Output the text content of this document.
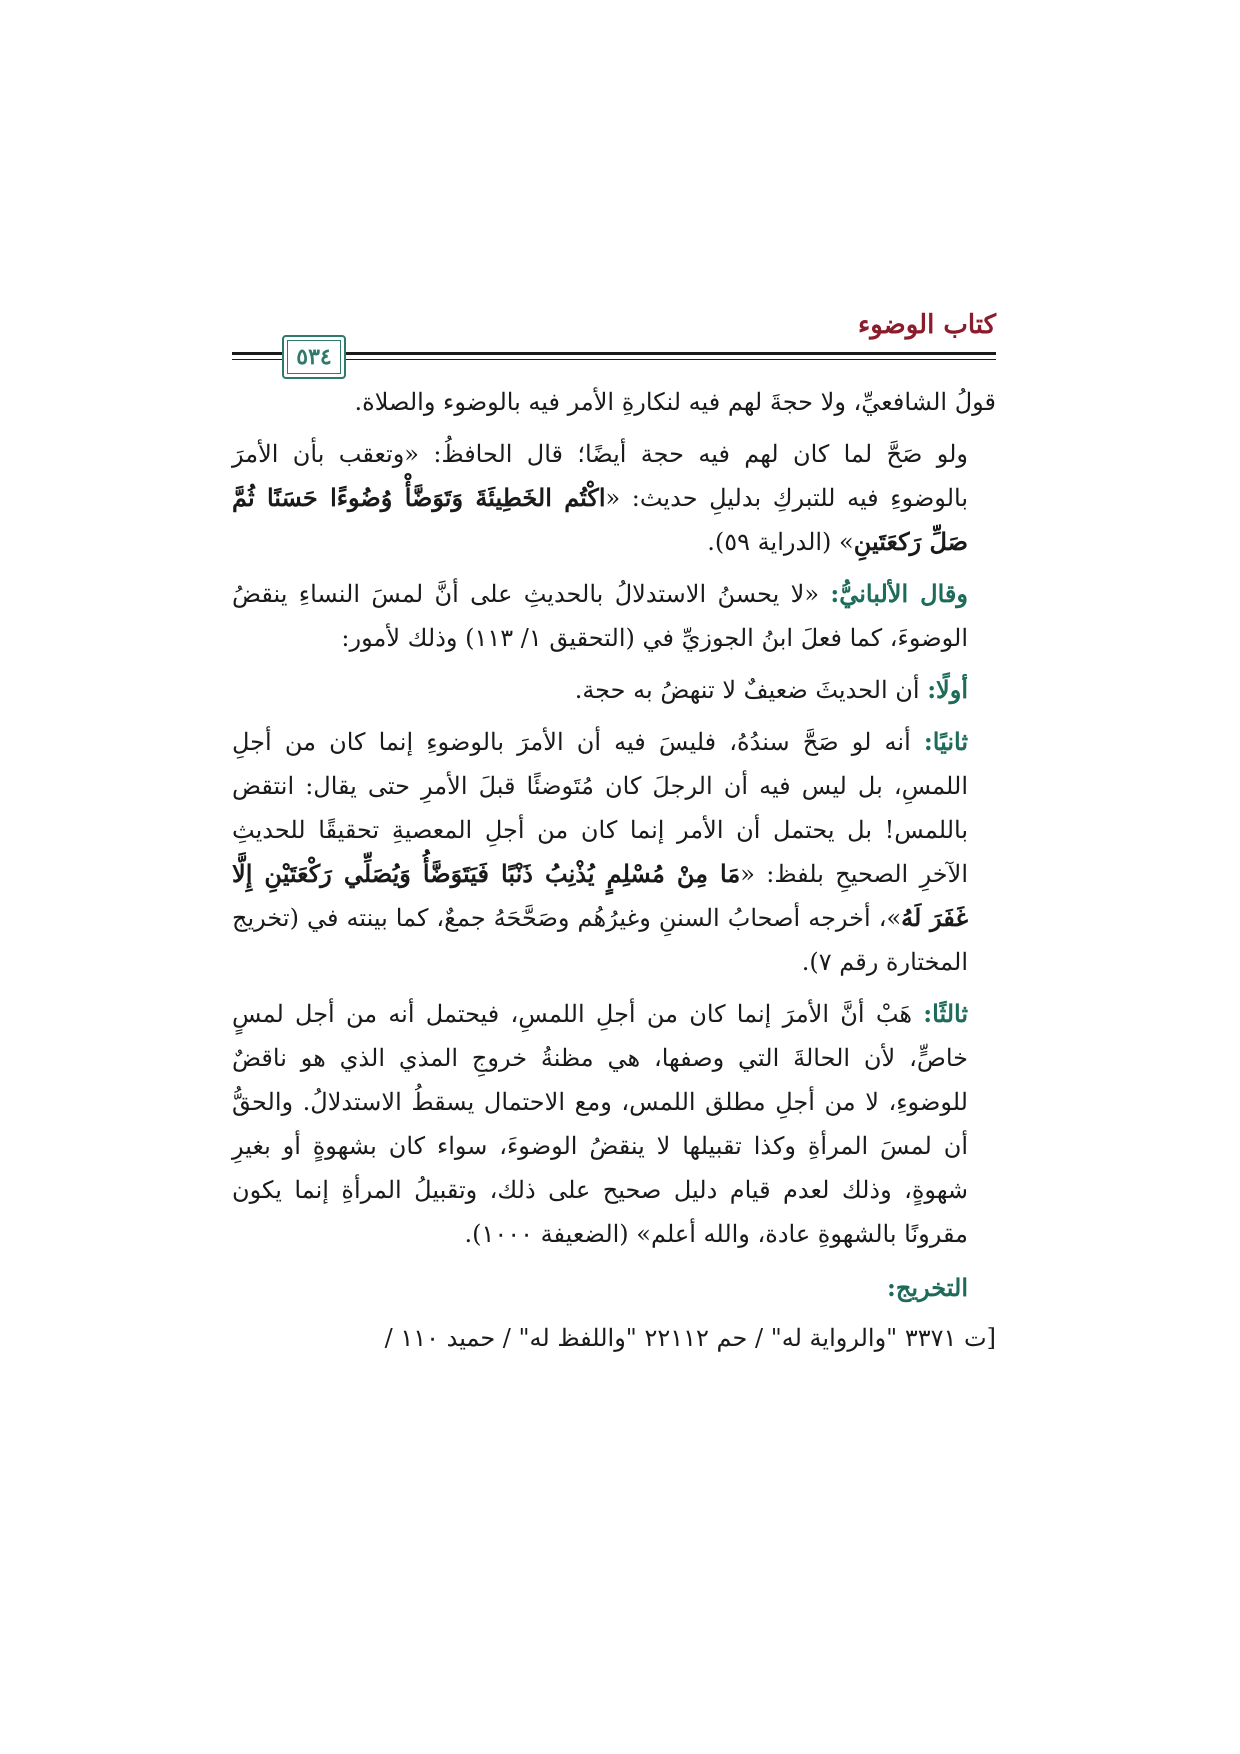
كتاب الوضوء
٥٣٤

قولُ الشافعيِّ، ولا حجةَ لهم فيه لنكارةِ الأمر فيه بالوضوء والصلاة.

ولو صَحَّ لما كان لهم فيه حجة أيضًا؛ قال الحافظُ: «وتعقب بأن الأمرَ بالوضوءِ فيه للتبركِ بدليلِ حديث: «اكْتُم الخَطِيئَةَ وَتَوَضَّأْ وُضُوءًا حَسَنًا ثُمَّ صَلِّ رَكعَتَينِ» (الدراية ٥٩).

وقال الألبانيُّ: «لا يحسنُ الاستدلالُ بالحديثِ على أنَّ لمسَ النساءِ ينقضُ الوضوءَ، كما فعلَ ابنُ الجوزيِّ في (التحقيق ١/ ١١٣) وذلك لأمور:

أولًا: أن الحديثَ ضعيفٌ لا تنهضُ به حجة.

ثانيًا: أنه لو صَحَّ سندُهُ، فليسَ فيه أن الأمرَ بالوضوءِ إنما كان من أجلِ اللمسِ، بل ليس فيه أن الرجلَ كان مُتَوضئًا قبلَ الأمرِ حتى يقال: انتقض باللمس! بل يحتمل أن الأمر إنما كان من أجلِ المعصيةِ تحقيقًا للحديثِ الآخرِ الصحيحِ بلفظ: «مَا مِنْ مُسْلِمٍ يُذْنِبُ ذَنْبًا فَيَتَوَضَّأُ وَيُصَلِّي رَكْعَتَيْنِ إِلَّا غَفَرَ لَهُ»، أخرجه أصحابُ السننِ وغيرُهُم وصَحَّحَهُ جمعٌ، كما بينته في (تخريج المختارة رقم ٧).

ثالثًا: هَبْ أنَّ الأمرَ إنما كان من أجلِ اللمسِ، فيحتمل أنه من أجل لمسٍ خاصٍّ، لأن الحالةَ التي وصفها، هي مظنةُ خروجِ المذي الذي هو ناقضٌ للوضوءِ، لا من أجلِ مطلق اللمس، ومع الاحتمال يسقطُ الاستدلالُ. والحقُّ أن لمسَ المرأةِ وكذا تقبيلها لا ينقضُ الوضوءَ، سواء كان بشهوةٍ أو بغيرِ شهوةٍ، وذلك لعدم قيام دليل صحيح على ذلك، وتقبيلُ المرأةِ إنما يكون مقرونًا بالشهوةِ عادة، والله أعلم» (الضعيفة ١٠٠٠).

التخريج:

[ت ٣٣٧١ "والرواية له" / حم ٢٢١١٢ "واللفظ له" / حميد ١١٠ /
